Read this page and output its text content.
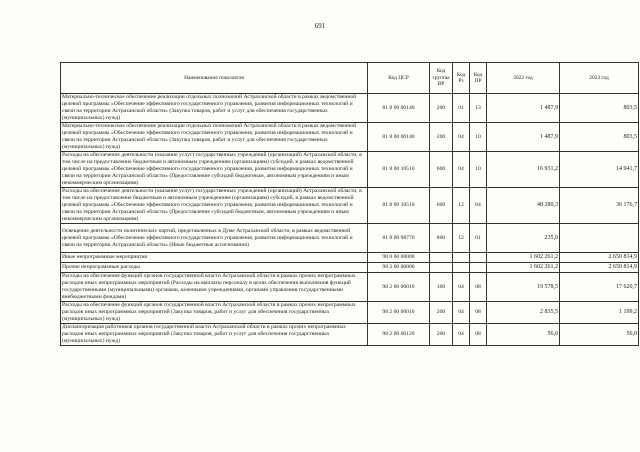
691
Наименование показателя	Код ЦСР	Код группы ВР	Код Рз	Код ПР	2022 год	2023 год
Материально-техническое обеспечение реализации отдельных полномочий Астраханской области в рамках ведомственной целевой программы «Обеспечение эффективного государственного управления, развития информационных технологий и связи на территории Астраханской области» (Закупка товаров, работ и услуг для обеспечения государственных (муниципальных) нужд)	81 8 00 00140	200	01	13	1 487,9	803,5
Материально-техническое обеспечение реализации отдельных полномочий Астраханской области в рамках ведомственной целевой программы «Обеспечение эффективного государственного управления, развития информационных технологий и связи на территории Астраханской области» (Закупка товаров, работ и услуг для обеспечения государственных (муниципальных) нужд)	81 8 00 00140	200	04	10	1 487,9	803,5
Расходы на обеспечение деятельности (оказание услуг) государственных учреждений (организаций) Астраханской области, в том числе на предоставление бюджетным и автономным учреждениям (организациям) субсидий, в рамках ведомственной целевой программы «Обеспечение эффективного государственного управления, развития информационных технологий и связи на территории Астраханской области» (Предоставление субсидий бюджетным, автономным учреждениям и иным некоммерческим организациям)	81 8 00 10510	600	04	10	16 931,2	14 941,7
Расходы на обеспечение деятельности (оказание услуг) государственных учреждений (организаций) Астраханской области, в том числе на предоставление бюджетным и автономным учреждениям (организациям) субсидий, в рамках ведомственной целевой программы «Обеспечение эффективного государственного управления, развития информационных технологий и связи на территории Астраханской области» (Предоставление субсидий бюджетным, автономным учреждениям и иным некоммерческим организациям)	81 8 00 10510	600	12	04	48 280,3	36 176,7
Освещение деятельности политических партий, представленных в Думе Астраханской области, в рамках ведомственной целевой программы «Обеспечение эффективного государственного управления, развития информационных технологий и связи на территории Астраханской области» (Иные бюджетные ассигнования)	81 8 00 98770	800	12	01	235,0	
Иные непрограммные мероприятия	98 0 00 00000				1 602 261,2	2 650 814,9
Прочие непрограммные расходы	98 2 00 00000				1 602 261,2	2 650 814,9
Расходы на обеспечение функций органов государственной власти Астраханской области в рамках прочих непрограммных расходов иных непрограммных мероприятий (Расходы на выплаты персоналу в целях обеспечения выполнения функций государственными (муниципальными) органами, казенными учреждениями, органами управления государственными внебюджетными фондами)	98 2 00 00010	100	04	08	19 578,5	17 620,7
Расходы на обеспечение функций органов государственной власти Астраханской области в рамках прочих непрограммных расходов иных непрограммных мероприятий (Закупка товаров, работ и услуг для обеспечения государственных (муниципальных) нужд)	98 2 00 00010	200	04	08	2 835,5	1 199,2
Диспансеризация работников органов государственной власти Астраханской области в рамках прочих непрограммных расходов иных непрограммных мероприятий (Закупка товаров, работ и услуг для обеспечения государственных (муниципальных) нужд)	98 2 00 00120	200	04	08	56,0	56,0
